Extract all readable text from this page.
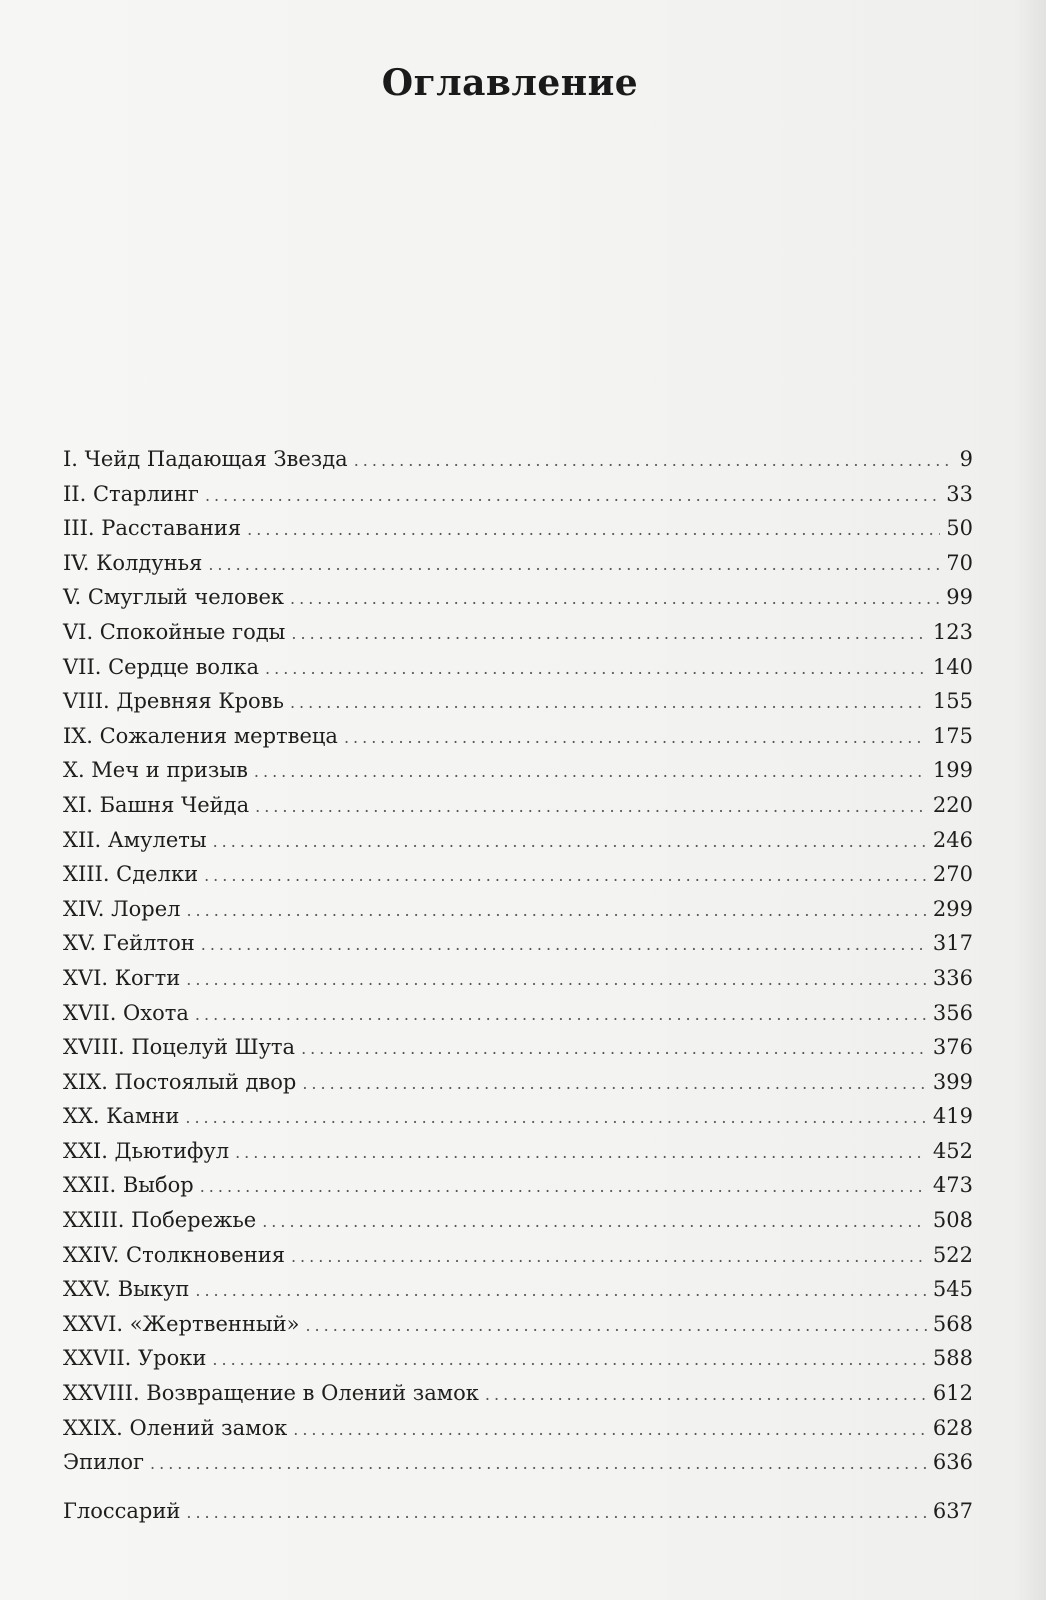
Оглавление
I. Чейд Падающая Звезда .....	9
II. Старлинг .....	33
III. Расставания .....	50
IV. Колдунья .....	70
V. Смуглый человек .....	99
VI. Спокойные годы .....	123
VII. Сердце волка .....	140
VIII. Древняя Кровь .....	155
IX. Сожаления мертвеца .....	175
X. Меч и призыв .....	199
XI. Башня Чейда .....	220
XII. Амулеты .....	246
XIII. Сделки .....	270
XIV. Лорел .....	299
XV. Гейлтон .....	317
XVI. Когти .....	336
XVII. Охота .....	356
XVIII. Поцелуй Шута .....	376
XIX. Постоялый двор .....	399
XX. Камни .....	419
XXI. Дьютифул .....	452
XXII. Выбор .....	473
XXIII. Побережье .....	508
XXIV. Столкновения .....	522
XXV. Выкуп .....	545
XXVI. «Жертвенный» .....	568
XXVII. Уроки .....	588
XXVIII. Возвращение в Олений замок .....	612
XXIX. Олений замок .....	628
Эпилог .....	636
Глоссарий .....	637
